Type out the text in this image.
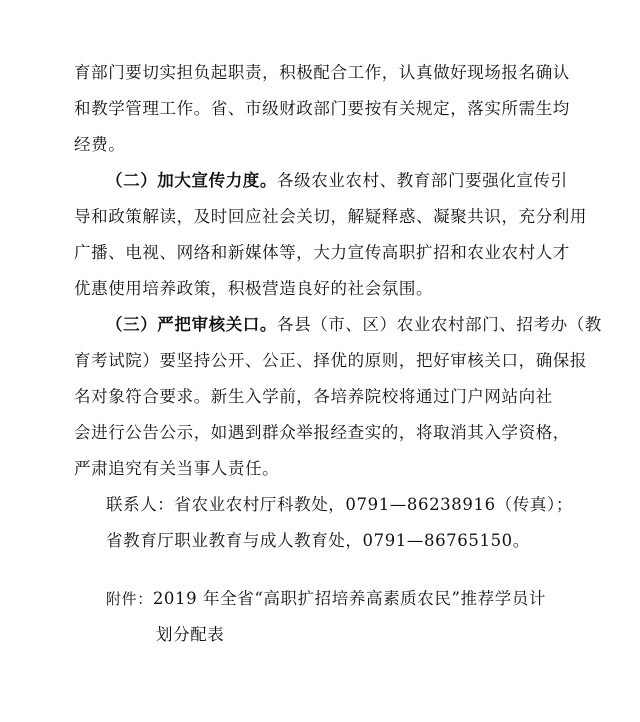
育部门要切实担负起职责，积极配合工作，认真做好现场报名确认
和教学管理工作。省、市级财政部门要按有关规定，落实所需生均
经费。
（二）加大宣传力度。各级农业农村、教育部门要强化宣传引
导和政策解读，及时回应社会关切，解疑释惑、凝聚共识，充分利用
广播、电视、网络和新媒体等，大力宣传高职扩招和农业农村人才
优惠使用培养政策，积极营造良好的社会氛围。
（三）严把审核关口。各县（市、区）农业农村部门、招考办（教
育考试院）要坚持公开、公正、择优的原则，把好审核关口，确保报
名对象符合要求。新生入学前，各培养院校将通过门户网站向社
会进行公告公示，如遇到群众举报经查实的，将取消其入学资格，
严肃追究有关当事人责任。
联系人：省农业农村厅科教处，0791—86238916（传真）；
省教育厅职业教育与成人教育处，0791—86765150。
附件：2019 年全省“高职扩招培养高素质农民”推荐学员计
划分配表
